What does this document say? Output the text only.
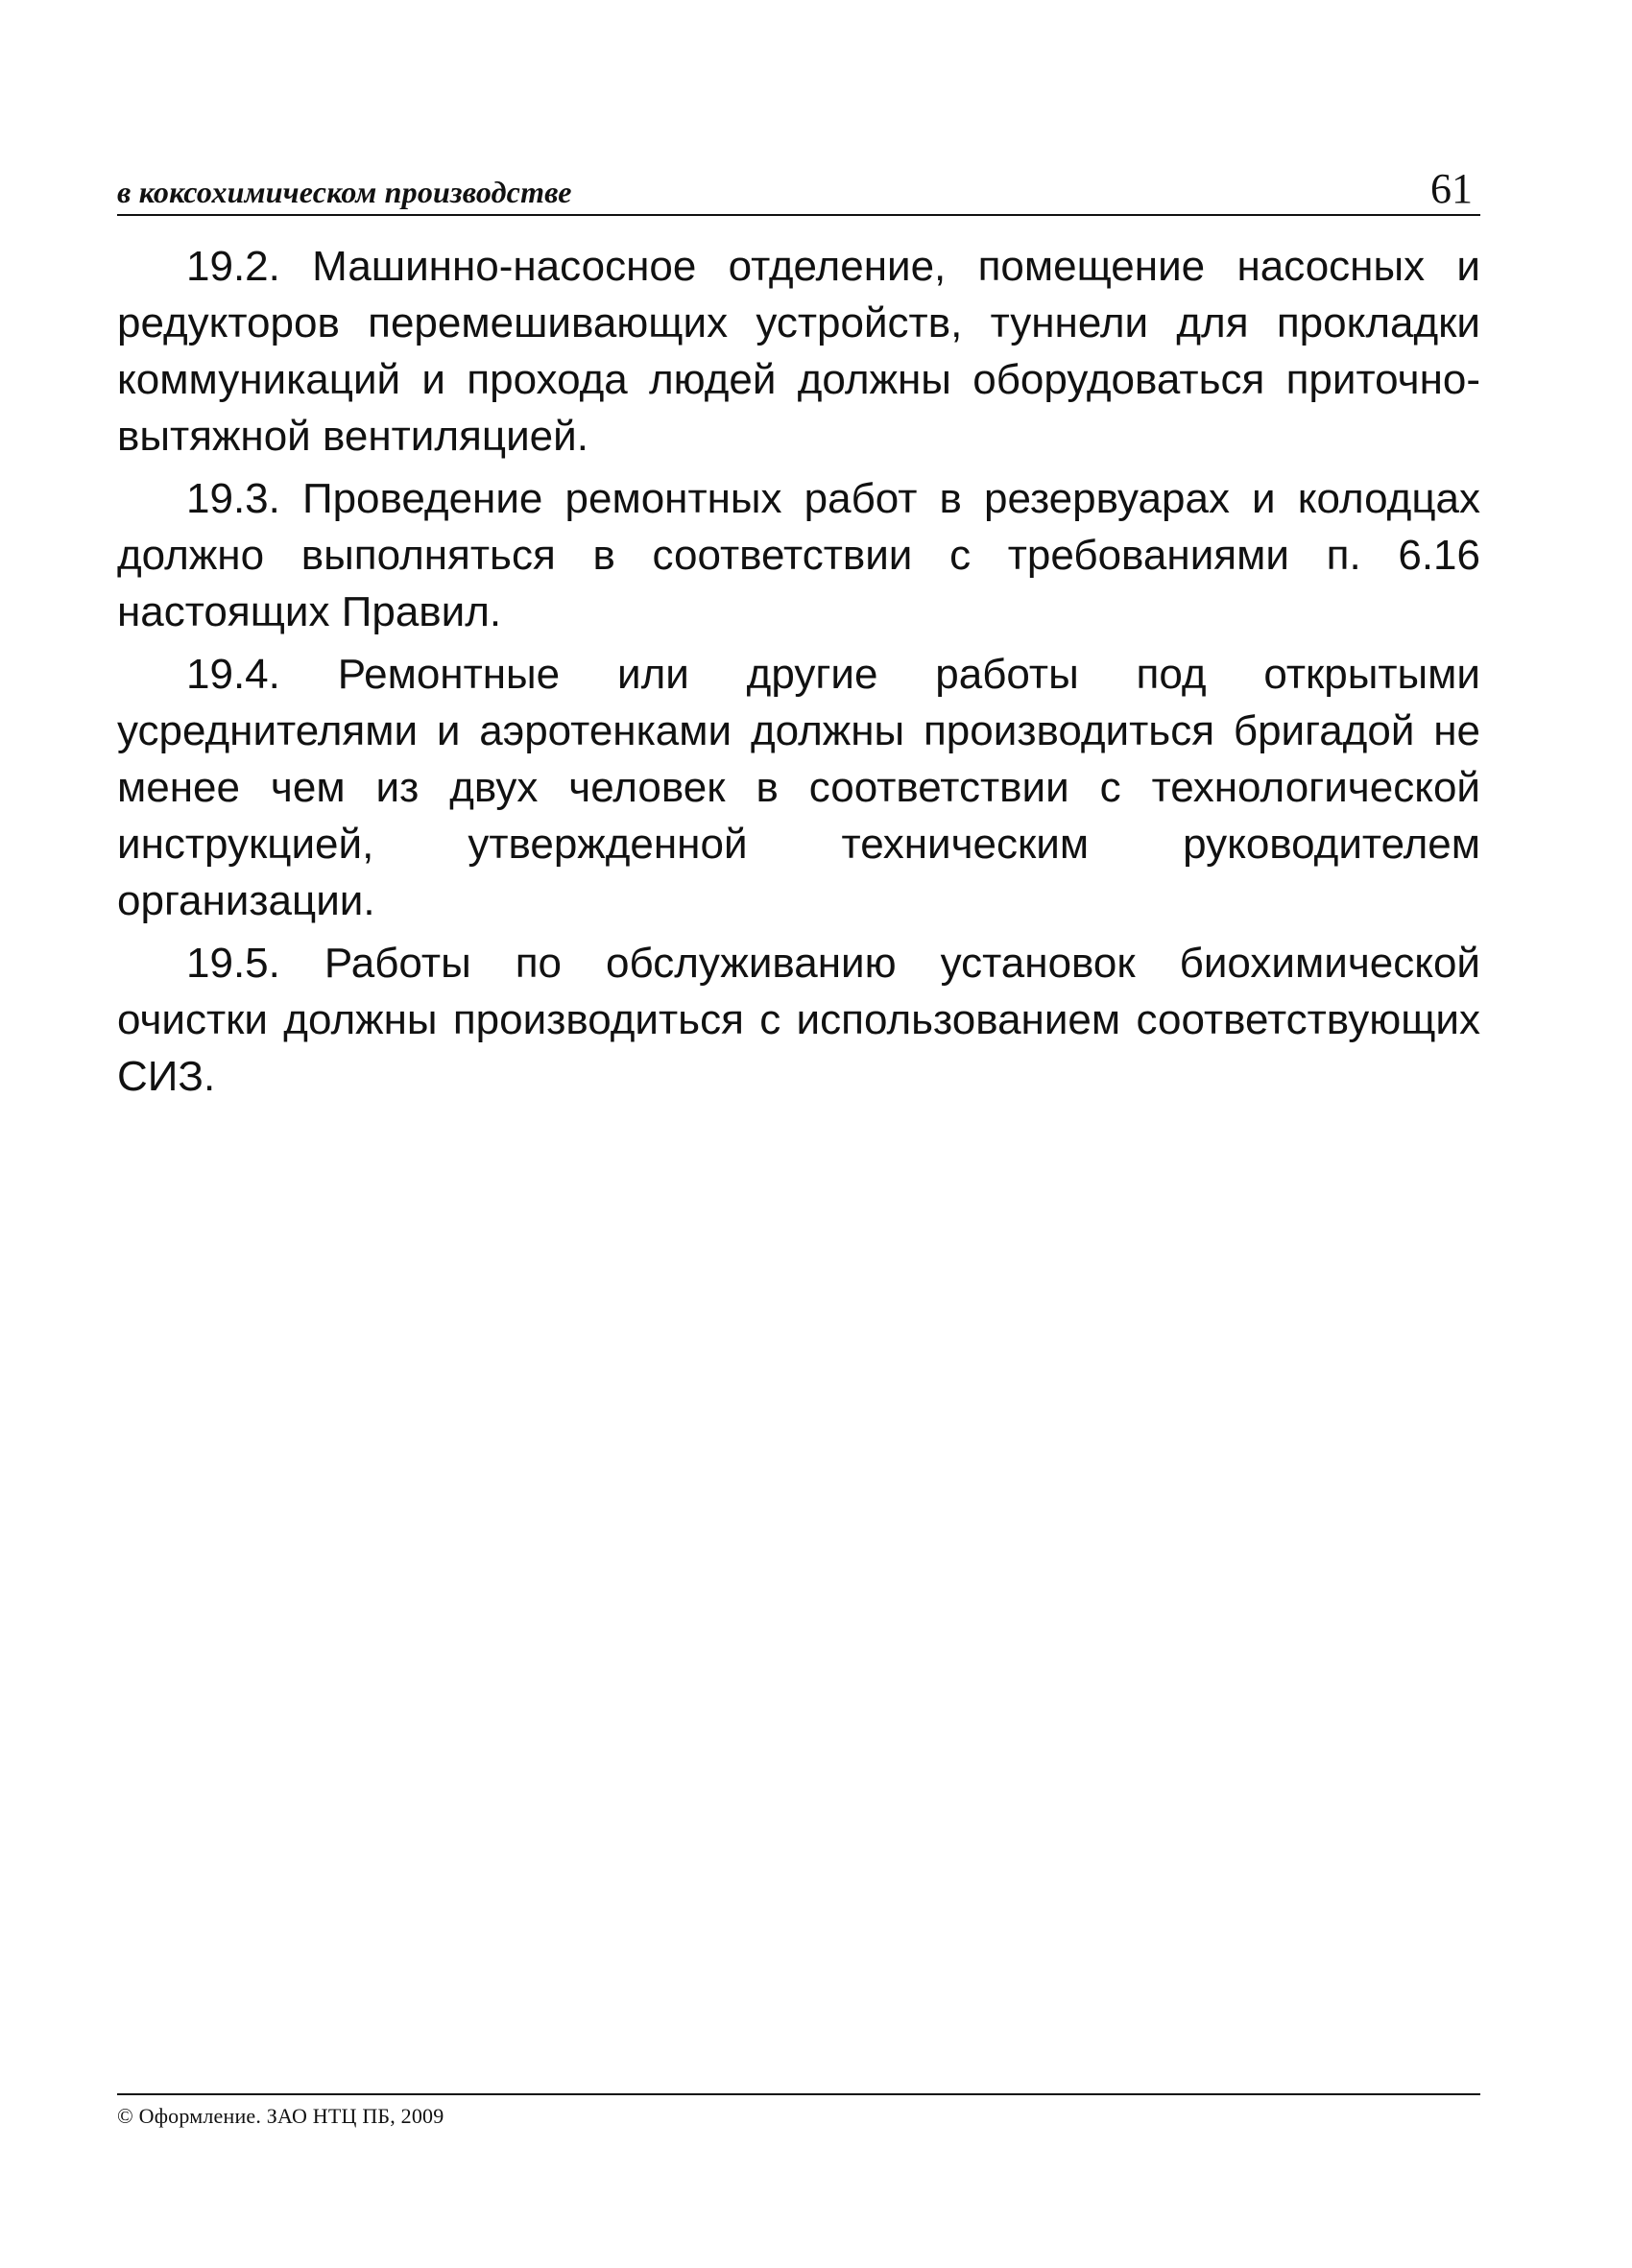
в коксохимическом производстве	61

19.2. Машинно-насосное отделение, помещение насосных и редукторов перемешивающих устройств, туннели для прокладки коммуникаций и прохода людей должны оборудоваться приточно-вытяжной вентиляцией.

19.3. Проведение ремонтных работ в резервуарах и колодцах должно выполняться в соответствии с требованиями п. 6.16 настоящих Правил.

19.4. Ремонтные или другие работы под открытыми усреднителями и аэротенками должны производиться бригадой не менее чем из двух человек в соответствии с технологической инструкцией, утвержденной техническим руководителем организации.

19.5. Работы по обслуживанию установок биохимической очистки должны производиться с использованием соответствующих СИЗ.

© Оформление. ЗАО НТЦ ПБ, 2009
